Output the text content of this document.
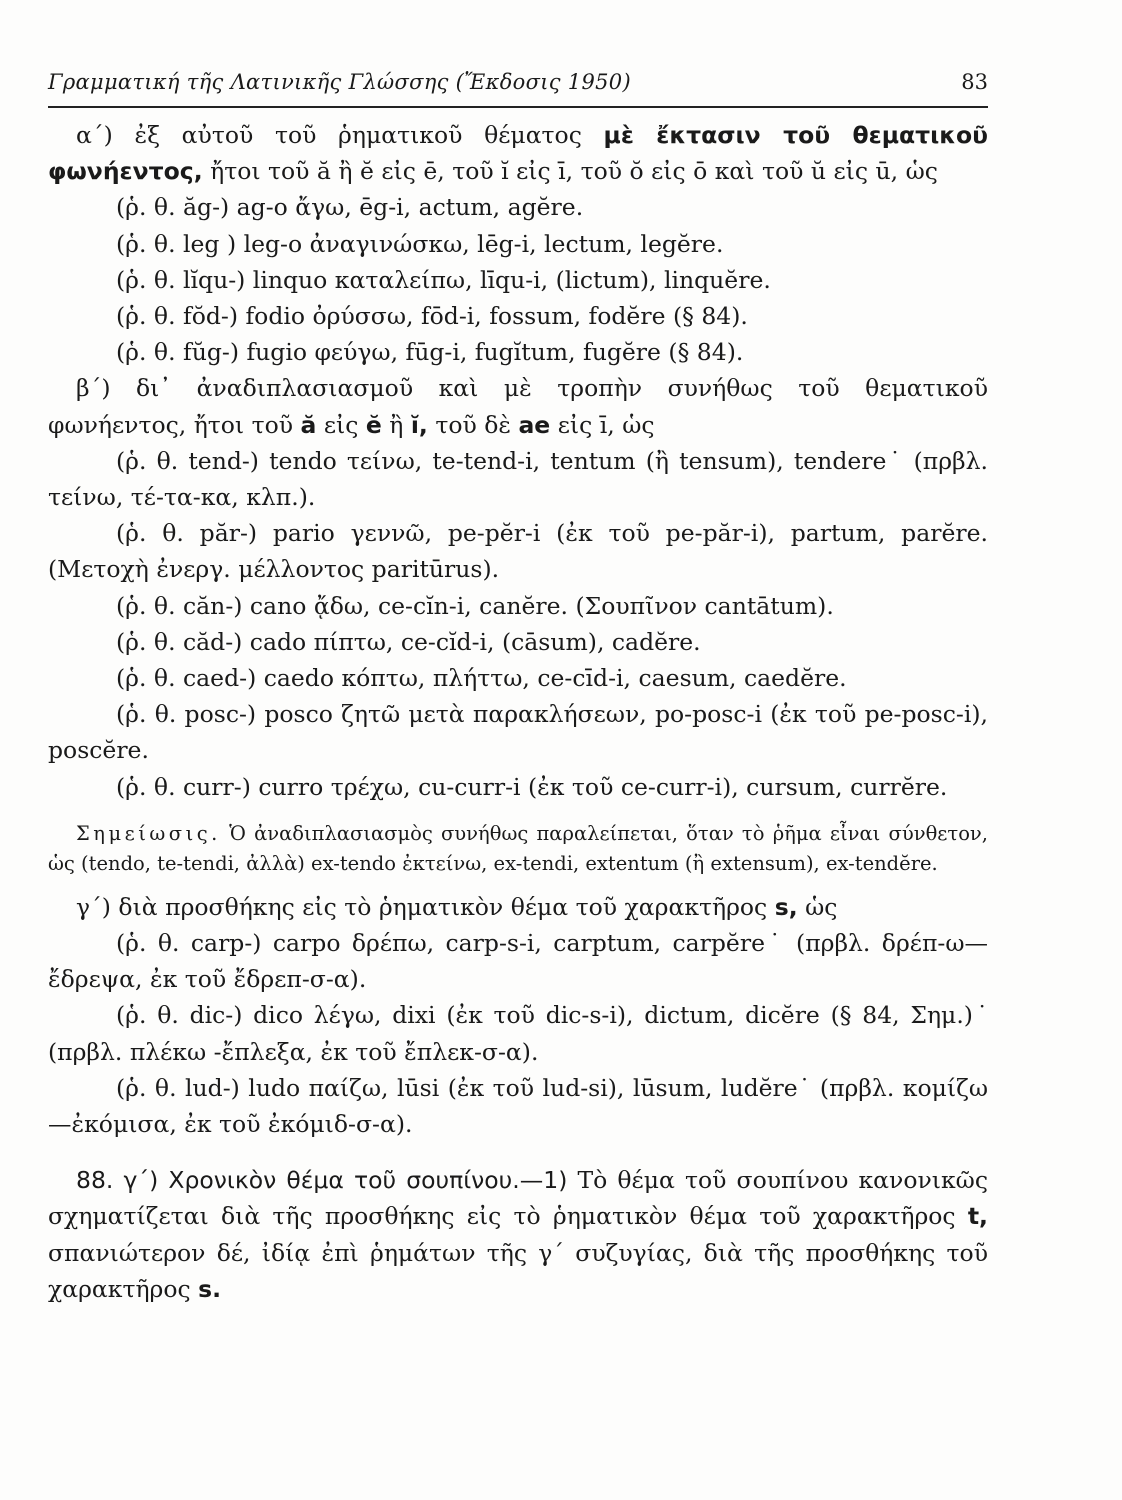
Γραμματική τῆς Λατινικῆς Γλώσσης (Ἔκδοσις 1950)	83

α΄) ἐξ αὐτοῦ τοῦ ῥηματικοῦ θέματος μὲ ἔκτασιν τοῦ θεματικοῦ φωνήεντος, ἤτοι τοῦ ă ἢ ĕ εἰς ē, τοῦ ĭ εἰς ī, τοῦ ŏ εἰς ō καὶ τοῦ ŭ εἰς ū, ὡς

(ῥ. θ. ăg-) ag-o ἄγω, ēg-i, actum, agĕre.

(ῥ. θ. leg ) leg-o ἀναγινώσκω, lēg-i, lectum, legĕre.

(ῥ. θ. lĭqu-) linquo καταλείπω, līqu-i, (lictum), linquĕre.

(ῥ. θ. fŏd-) fodio ὀρύσσω, fōd-i, fossum, fodĕre (§ 84).

(ῥ. θ. fŭg-) fugio φεύγω, fūg-i, fugĭtum, fugĕre (§ 84).

β΄) δι᾽ ἀναδιπλασιασμοῦ καὶ μὲ τροπὴν συνήθως τοῦ θεματικοῦ φωνήεντος, ἤτοι τοῦ ă εἰς ĕ ἢ ĭ, τοῦ δὲ ae εἰς ī, ὡς

(ῥ. θ. tend-) tendo τείνω, te-tend-i, tentum (ἢ tensum), tendere˙ (πρβλ. τείνω, τέ-τα-κα, κλπ.).

(ῥ. θ. păr-) pario γεννῶ, pe-pĕr-i (ἐκ τοῦ pe-păr-i), partum, parĕre. (Μετοχὴ ἐνεργ. μέλλοντος paritūrus).

(ῥ. θ. căn-) cano ᾄδω, ce-cĭn-i, canĕre. (Σουπῖνον cantātum).

(ῥ. θ. căd-) cado πίπτω, ce-cĭd-i, (cāsum), cadĕre.

(ῥ. θ. caed-) caedo κόπτω, πλήττω, ce-cīd-i, caesum, caedĕre.

(ῥ. θ. posc-) posco ζητῶ μετὰ παρακλήσεων, po-posc-i (ἐκ τοῦ pe-posc-i), poscĕre.

(ῥ. θ. curr-) curro τρέχω, cu-curr-i (ἐκ τοῦ ce-curr-i), cursum, currĕre.

Σημείωσις. Ὁ ἀναδιπλασιασμὸς συνήθως παραλείπεται, ὅταν τὸ ῥῆμα εἶναι σύνθετον, ὡς (tendo, te-tendi, ἀλλὰ) ex-tendo ἐκτείνω, ex-tendi, extentum (ἢ extensum), ex-tendĕre.

γ΄) διὰ προσθήκης εἰς τὸ ῥηματικὸν θέμα τοῦ χαρακτῆρος s, ὡς

(ῥ. θ. carp-) carpo δρέπω, carp-s-i, carptum, carpĕre˙ (πρβλ. δρέπ-ω—ἔδρεψα, ἐκ τοῦ ἔδρεπ-σ-α).

(ῥ. θ. dic-) dico λέγω, dixi (ἐκ τοῦ dic-s-i), dictum, dicĕre (§ 84, Σημ.)˙ (πρβλ. πλέκω -ἔπλεξα, ἐκ τοῦ ἔπλεκ-σ-α).

(ῥ. θ. lud-) ludo παίζω, lūsi (ἐκ τοῦ lud-si), lūsum, ludĕre˙ (πρβλ. κομίζω—ἐκόμισα, ἐκ τοῦ ἐκόμιδ-σ-α).

88. γ΄) Χρονικὸν θέμα τοῦ σουπίνου.—1) Τὸ θέμα τοῦ σουπίνου κανονικῶς σχηματίζεται διὰ τῆς προσθήκης εἰς τὸ ῥηματικὸν θέμα τοῦ χαρακτῆρος t, σπανιώτερον δέ, ἰδίᾳ ἐπὶ ῥημάτων τῆς γ΄ συζυγίας, διὰ τῆς προσθήκης τοῦ χαρακτῆρος s.
